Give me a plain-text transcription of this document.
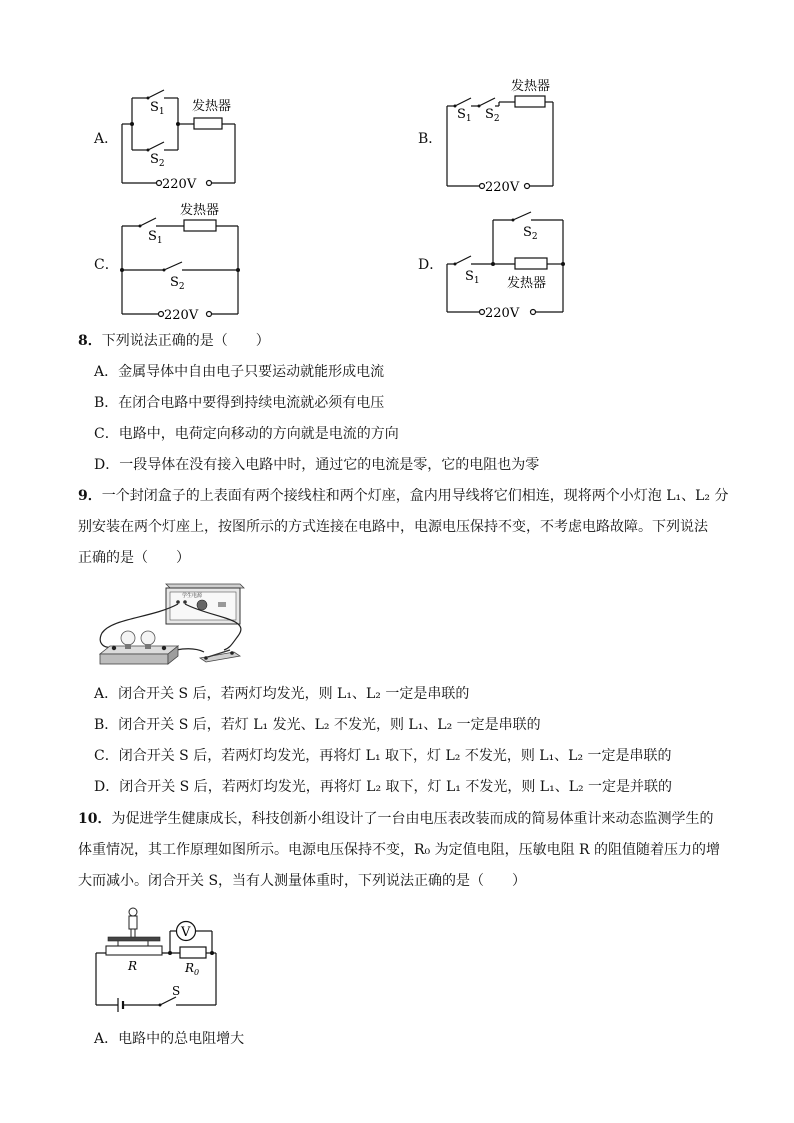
A．
$S_1$
$S_2$
发热器
220V
B．
$S_1$ $S_2$
发热器
220V
C．
$S_1$
$S_2$
发热器
220V
D．
$S_1$
$S_2$
发热器
220V
8．下列说法正确的是（　　）
A．金属导体中自由电子只要运动就能形成电流
B．在闭合电路中要得到持续电流就必须有电压
C．电路中，电荷定向移动的方向就是电流的方向
D．一段导体在没有接入电路中时，通过它的电流是零，它的电阻也为零
9．一个封闭盒子的上表面有两个接线柱和两个灯座，盒内用导线将它们相连，现将两个小灯泡 L₁、L₂ 分
别安装在两个灯座上，按图所示的方式连接在电路中，电源电压保持不变，不考虑电路故障。下列说法
正确的是（　　）
学生电源
A．闭合开关 S 后，若两灯均发光，则 L₁、L₂ 一定是串联的
B．闭合开关 S 后，若灯 L₁ 发光、L₂ 不发光，则 L₁、L₂ 一定是串联的
C．闭合开关 S 后，若两灯均发光，再将灯 L₁ 取下，灯 L₂ 不发光，则 L₁、L₂ 一定是串联的
D．闭合开关 S 后，若两灯均发光，再将灯 L₂ 取下，灯 L₁ 不发光，则 L₁、L₂ 一定是并联的
10．为促进学生健康成长，科技创新小组设计了一台由电压表改装而成的简易体重计来动态监测学生的
体重情况，其工作原理如图所示。电源电压保持不变，R₀ 为定值电阻，压敏电阻 R 的阻值随着压力的增
大而减小。闭合开关 S，当有人测量体重时，下列说法正确的是（　　）
V
R	$R_0$
S
A．电路中的总电阻增大
